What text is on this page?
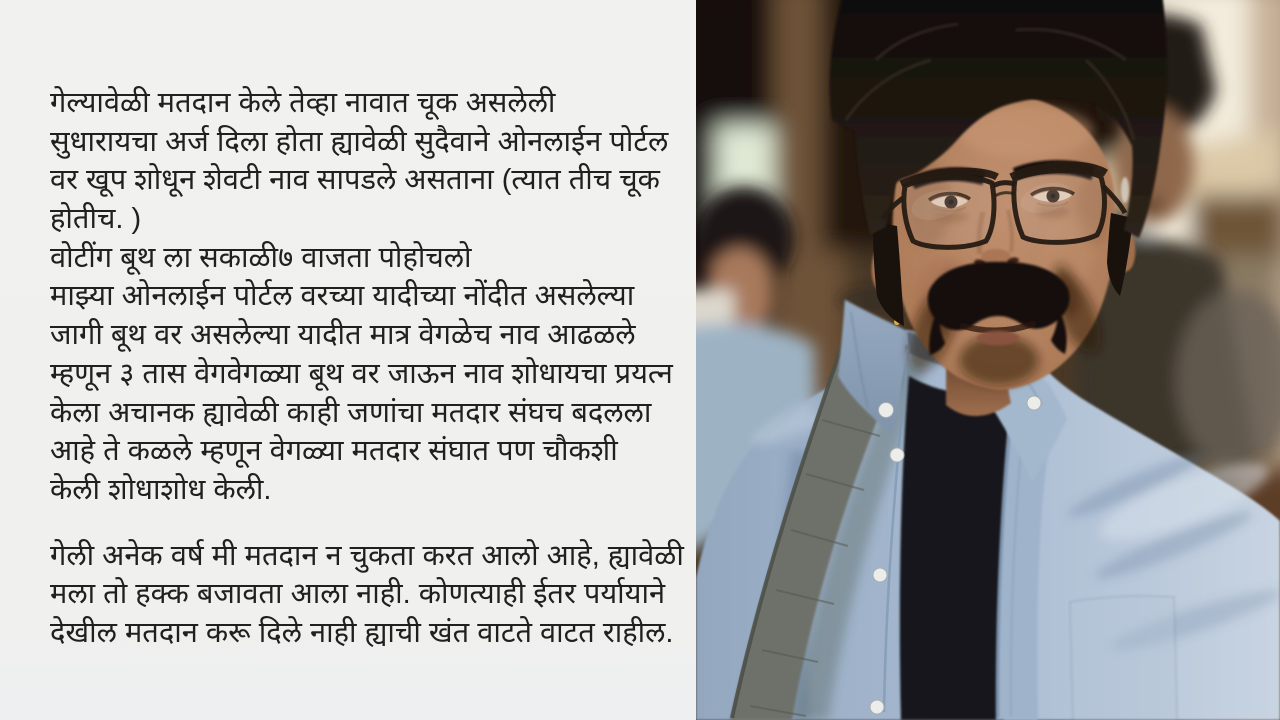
गेल्यावेळी मतदान केले तेव्हा नावात चूक असलेली
सुधारायचा अर्ज दिला होता ह्यावेळी सुदैवाने ओनलाईन पोर्टल
वर खूप शोधून शेवटी नाव सापडले असताना (त्यात तीच चूक
होतीच. )
वोटींग बूथ ला सकाळी७ वाजता पोहोचलो
माझ्या ओनलाईन पोर्टल वरच्या यादीच्या नोंदीत असलेल्या
जागी बूथ वर असलेल्या यादीत मात्र वेगळेच नाव आढळले
म्हणून ३ तास वेगवेगळ्या बूथ वर जाऊन नाव शोधायचा प्रयत्न
केला अचानक ह्यावेळी काही जणांचा मतदार संघच बदलला
आहे ते कळले म्हणून वेगळ्या मतदार संघात पण चौकशी
केली शोधाशोध केली.
गेली अनेक वर्ष मी मतदान न चुकता करत आलो आहे, ह्यावेळी
मला तो हक्क बजावता आला नाही. कोणत्याही ईतर पर्यायाने
देखील मतदान करू दिले नाही ह्याची खंत वाटते वाटत राहील.
